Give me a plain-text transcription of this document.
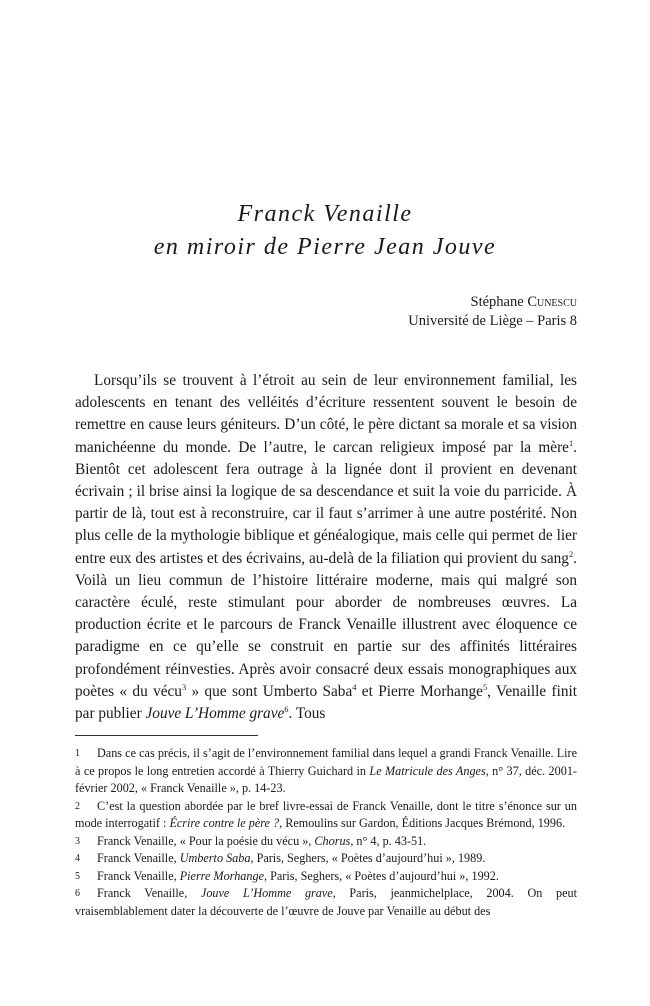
Franck Venaille
en miroir de Pierre Jean Jouve
Stéphane Cunescu
Université de Liège – Paris 8

Lorsqu’ils se trouvent à l’étroit au sein de leur environnement familial, les adolescents en tenant des velléités d’écriture ressentent souvent le besoin de remettre en cause leurs géniteurs. D’un côté, le père dictant sa morale et sa vision manichéenne du monde. De l’autre, le carcan religieux imposé par la mère$^1$. Bientôt cet adolescent fera outrage à la lignée dont il provient en devenant écrivain ; il brise ainsi la logique de sa descendance et suit la voie du parricide. À partir de là, tout est à reconstruire, car il faut s’arrimer à une autre postérité. Non plus celle de la mythologie biblique et généalogique, mais celle qui permet de lier entre eux des artistes et des écrivains, au-delà de la filiation qui provient du sang$^2$. Voilà un lieu commun de l’histoire littéraire moderne, mais qui malgré son caractère éculé, reste stimulant pour aborder de nombreuses œuvres. La production écrite et le parcours de Franck Venaille illustrent avec éloquence ce paradigme en ce qu’elle se construit en partie sur des affinités littéraires profondément réinvesties. Après avoir consacré deux essais monographiques aux poètes « du vécu$^3$ » que sont Umberto Saba$^4$ et Pierre Morhange$^5$, Venaille finit par publier Jouve L’Homme grave$^6$. Tous

1 Dans ce cas précis, il s’agit de l’environnement familial dans lequel a grandi Franck Venaille. Lire à ce propos le long entretien accordé à Thierry Guichard in Le Matricule des Anges, n° 37, déc. 2001-février 2002, « Franck Venaille », p. 14-23.
2 C’est la question abordée par le bref livre-essai de Franck Venaille, dont le titre s’énonce sur un mode interrogatif : Écrire contre le père ?, Remoulins sur Gardon, Éditions Jacques Brémond, 1996.
3 Franck Venaille, « Pour la poésie du vécu », Chorus, n° 4, p. 43-51.
4 Franck Venaille, Umberto Saba, Paris, Seghers, « Poètes d’aujourd’hui », 1989.
5 Franck Venaille, Pierre Morhange, Paris, Seghers, « Poètes d’aujourd’hui », 1992.
6 Franck Venaille, Jouve L’Homme grave, Paris, jeanmichelplace, 2004. On peut vraisemblablement dater la découverte de l’œuvre de Jouve par Venaille au début des
